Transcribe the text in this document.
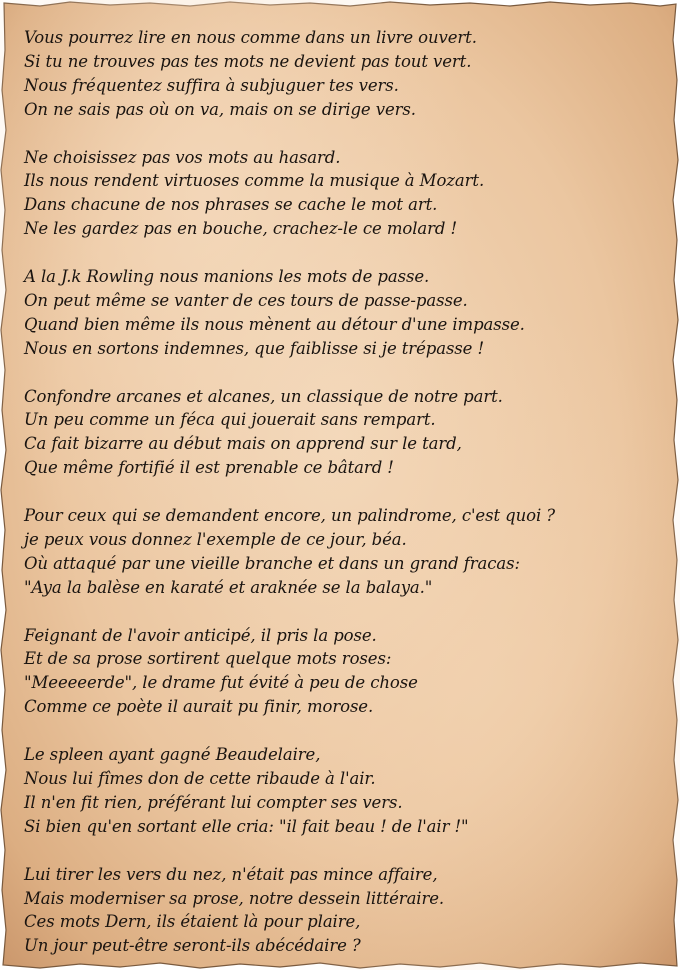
Vous pourrez lire en nous comme dans un livre ouvert.
Si tu ne trouves pas tes mots ne devient pas tout vert.
Nous fréquentez suffira à subjuguer tes vers.
On ne sais pas où on va, mais on se dirige vers.
Ne choisissez pas vos mots au hasard.
Ils nous rendent virtuoses comme la musique à Mozart.
Dans chacune de nos phrases se cache le mot art.
Ne les gardez pas en bouche, crachez-le ce molard !
A la J.k Rowling nous manions les mots de passe.
On peut même se vanter de ces tours de passe-passe.
Quand bien même ils nous mènent au détour d'une impasse.
Nous en sortons indemnes, que faiblisse si je trépasse !
Confondre arcanes et alcanes, un classique de notre part.
Un peu comme un féca qui jouerait sans rempart.
Ca fait bizarre au début mais on apprend sur le tard,
Que même fortifié il est prenable ce bâtard !
Pour ceux qui se demandent encore, un palindrome, c'est quoi ?
je peux vous donnez l'exemple de ce jour, béa.
Où attaqué par une vieille branche et dans un grand fracas:
"Aya la balèse en karaté et araknée se la balaya."
Feignant de l'avoir anticipé, il pris la pose.
Et de sa prose sortirent quelque mots roses:
"Meeeeerde", le drame fut évité à peu de chose
Comme ce poète il aurait pu finir, morose.
Le spleen ayant gagné Beaudelaire,
Nous lui fîmes don de cette ribaude à l'air.
Il n'en fit rien, préférant lui compter ses vers.
Si bien qu'en sortant elle cria: "il fait beau ! de l'air !"
Lui tirer les vers du nez, n'était pas mince affaire,
Mais moderniser sa prose, notre dessein littéraire.
Ces mots Dern, ils étaient là pour plaire,
Un jour peut-être seront-ils abécédaire ?
